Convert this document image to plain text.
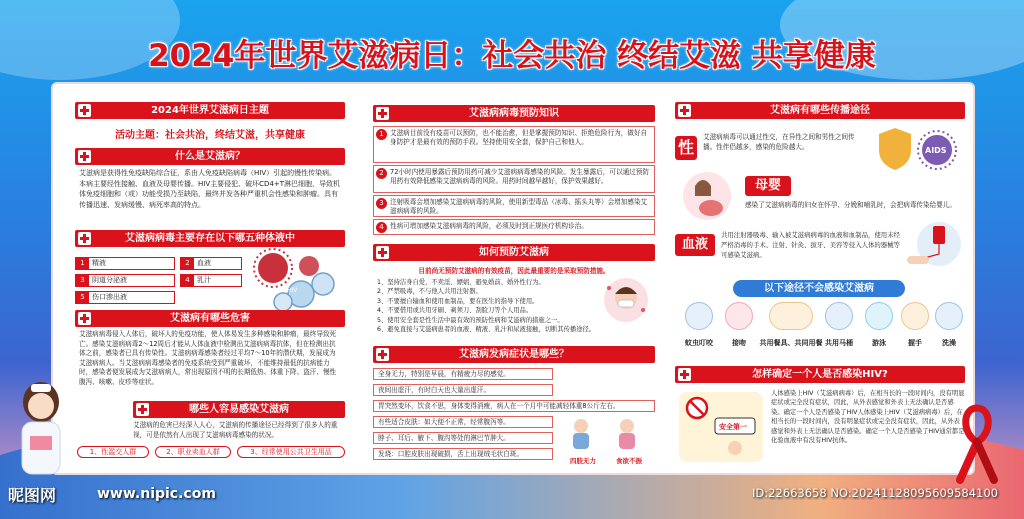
2024年世界艾滋病日：社会共治 终结艾滋 共享健康
2024年世界艾滋病日主题
活动主题：社会共治，终结艾滋，共享健康
什么是艾滋病？
艾滋病是获得性免疫缺陷综合征，系由人免疫缺陷病毒（HIV）引起的慢性传染病。本病主要经性接触、血液及母婴传播。HIV主要侵犯、破坏CD4+T淋巴细胞，导致机体免疫细胞和（或）功能受损乃至缺陷，最终并发各种严重机会性感染和肿瘤。具有传播迅速、发病缓慢、病死率高的特点。
艾滋病病毒主要存在以下哪五种体液中
1	精液	2	血液
3	阴道分泌液	4	乳汁
5	伤口渗出液
HIV
艾滋病有哪些危害
艾滋病病毒侵入人体后，破坏人的免疫功能，使人体易发生多种感染和肿瘤，最终导致死亡。感染艾滋病病毒2～12周后才能从人体血液中检测出艾滋病病毒抗体，但在检测出抗体之前，感染者已具有传染性。艾滋病病毒感染者经过平均7～10年的潜伏期，发展成为艾滋病病人。当艾滋病病毒感染者的免疫系统受到严重破坏，不能维持最低的抗病能力时，感染者便发展成为艾滋病病人，常出现原因不明的长期低热、体重下降、盗汗、慢性腹泻、咳嗽、皮疹等症状。
哪些人容易感染艾滋病
艾滋病的危害已经深入人心，艾滋病的传播途径已经得到了很多人的重视，可是依然有人出现了艾滋病病毒感染的状况。
1、性滥交人群	2、职业卖血人群	3、经常使用公共卫生用品
艾滋病病毒预防知识
1 艾滋病目前没有疫苗可以预防，也不能治愈，但是掌握预防知识、拒绝危险行为，做好自身防护才是最有效的预防手段。坚持使用安全套，保护自己和他人。
2 72小时内使用暴露后预防用药可减少艾滋病病毒感染的风险。发生暴露后，可以通过预防用药有效降低感染艾滋病病毒的风险。用药时间越早越好，保护效果越好。
3 注射吸毒会增加感染艾滋病病毒的风险，使用新型毒品（冰毒、摇头丸等）会增加感染艾滋病病毒的风险。
4 性病可增加感染艾滋病病毒的风险，必须及时到正规医疗机构诊治。
如何预防艾滋病
目前尚无预防艾滋病的有效疫苗，因此最重要的是采取预防措施。
1、坚持洁身自爱，不卖淫、嫖娼，避免婚前、婚外性行为。
2、严禁吸毒，不与他人共用注射器。
3、不要擅自输血和使用血制品，要在医生的指导下使用。
4、不要借用或共用牙刷、剃须刀、刮脸刀等个人用品。
5、使用安全套是性生活中最有效的预防性病和艾滋病的措施之一。
6、避免直接与艾滋病患者的血液、精液、乳汁和尿液接触，切断其传播途径。
艾滋病发病症状是哪些？
全身无力，特别是早晨，有精疲力尽的感觉。
夜间出虚汗，有时白天也大量出虚汗。
胃突然变坏，饮食不思，身体变得消瘦，病人在一个月中可能减轻体重8公斤左右。
有些适合皮肤：如大便不正常，经常腹泻等。
脖子、耳后、腋下、腹沟等处的淋巴节肿大。
发烧：口腔皮肤出现破损，舌上出现绒毛状白斑。
四肢无力	食欲不振
艾滋病有哪些传播途径
性
艾滋病病毒可以通过性交，在异性之间和男性之间传播。性伴侣越多，感染的危险越大。	AIDS
母婴
感染了艾滋病病毒的妇女在怀孕、分娩和哺乳时，会把病毒传染给婴儿。
血液
共用注射器吸毒、输入被艾滋病病毒的血液和血制品，使用未经严格消毒的手术、注射、针灸、拔牙、美容等侵入人体的器械等可感染艾滋病。
以下途径不会感染艾滋病
蚊虫叮咬	接吻	共用餐具、共同用餐 共用马桶	游泳	握手	洗澡
怎样确定一个人是否感染HIV?
安全第一
人体感染上HIV（艾滋病病毒）后，在相当长的一段时间内，没有明显症状或完全没有症状，因此，从外表感觉和外表上无法确认是否感染。确定一个人是否感染了HIV人体感染上HIV（艾滋病病毒）后，在相当长的一段时间内，没有明显症状或完全没有症状，因此，从外表感觉和外表上无法确认是否感染。确定一个人是否感染了HIV通常都是化验血液中有没有HIV抗体。
昵图网	www.nipic.com	ID:22663658 NO:20241128095609584100
